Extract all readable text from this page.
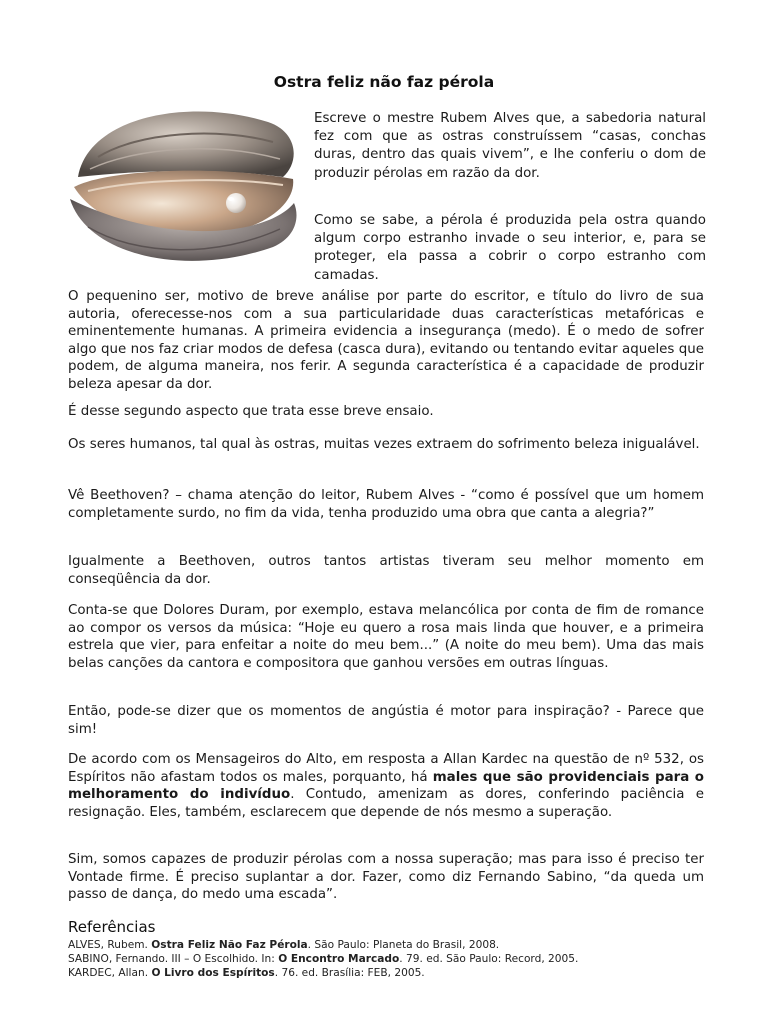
Ostra feliz não faz pérola

Escreve o mestre Rubem Alves que, a sabedoria natural fez com que as ostras construíssem “casas, conchas duras, dentro das quais vivem”, e lhe conferiu o dom de produzir pérolas em razão da dor.

Como se sabe, a pérola é produzida pela ostra quando algum corpo estranho invade o seu interior, e, para se proteger, ela passa a cobrir o corpo estranho com camadas.

O pequenino ser, motivo de breve análise por parte do escritor, e título do livro de sua autoria, oferecesse-nos com a sua particularidade duas características metafóricas e eminentemente humanas. A primeira evidencia a insegurança (medo). É o medo de sofrer algo que nos faz criar modos de defesa (casca dura), evitando ou tentando evitar aqueles que podem, de alguma maneira, nos ferir. A segunda característica é a capacidade de produzir beleza apesar da dor.

É desse segundo aspecto que trata esse breve ensaio.

Os seres humanos, tal qual às ostras, muitas vezes extraem do sofrimento beleza inigualável.

Vê Beethoven? – chama atenção do leitor, Rubem Alves - “como é possível que um homem completamente surdo, no fim da vida, tenha produzido uma obra que canta a alegria?”

Igualmente a Beethoven, outros tantos artistas tiveram seu melhor momento em conseqüência da dor.

Conta-se que Dolores Duram, por exemplo, estava melancólica por conta de fim de romance ao compor os versos da música: “Hoje eu quero a rosa mais linda que houver, e a primeira estrela que vier, para enfeitar a noite do meu bem...” (A noite do meu bem). Uma das mais belas canções da cantora e compositora que ganhou versões em outras línguas.

Então, pode-se dizer que os momentos de angústia é motor para inspiração? - Parece que sim!

De acordo com os Mensageiros do Alto, em resposta a Allan Kardec na questão de nº 532, os Espíritos não afastam todos os males, porquanto, há males que são providenciais para o melhoramento do indivíduo. Contudo, amenizam as dores, conferindo paciência e resignação. Eles, também, esclarecem que depende de nós mesmo a superação.

Sim, somos capazes de produzir pérolas com a nossa superação; mas para isso é preciso ter Vontade firme. É preciso suplantar a dor. Fazer, como diz Fernando Sabino, “da queda um passo de dança, do medo uma escada”.

Referências

ALVES, Rubem. Ostra Feliz Não Faz Pérola. São Paulo: Planeta do Brasil, 2008.

SABINO, Fernando. III – O Escolhido. In: O Encontro Marcado. 79. ed. São Paulo: Record, 2005.

KARDEC, Allan. O Livro dos Espíritos. 76. ed. Brasília: FEB, 2005.
